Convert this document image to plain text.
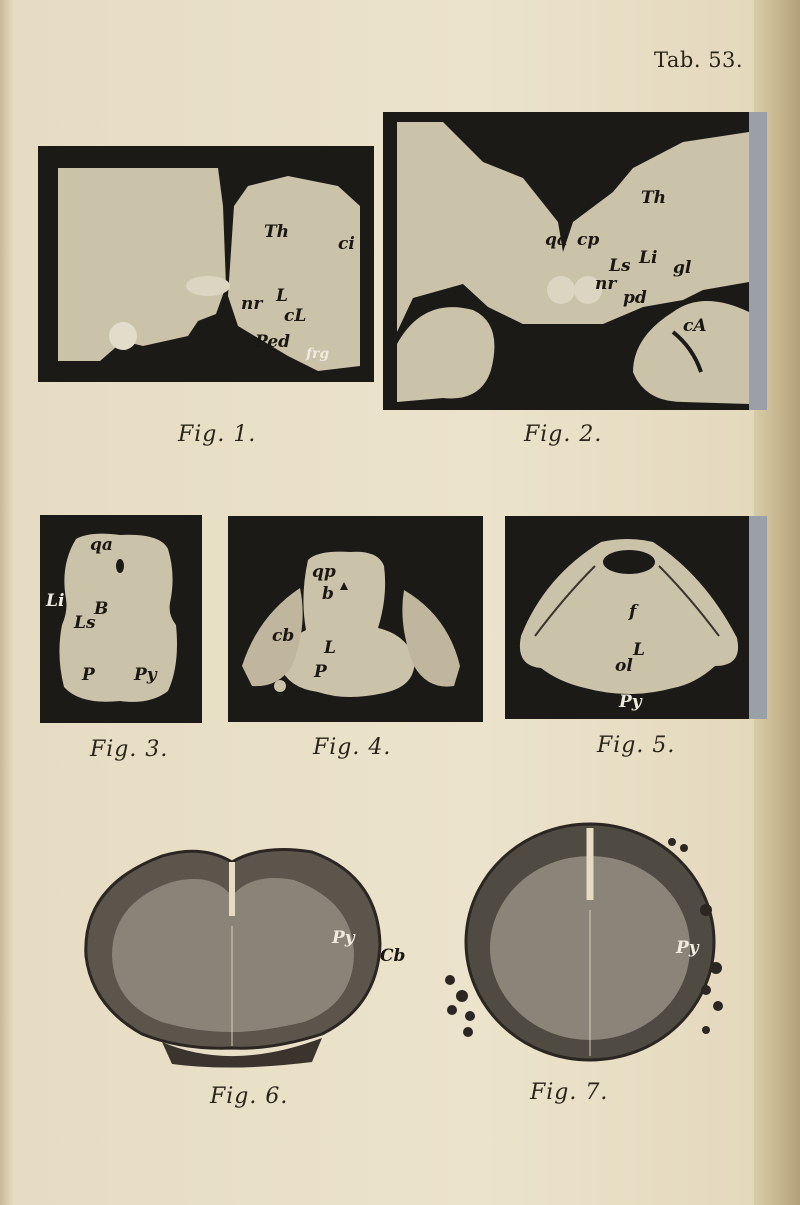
Tab. 53.
Th
ci
nr L
cL
Ped
frg
Fig. 1.
Th
qa cp
Ls Li
nr
gl
pd
cA
Fig. 2.
qa
Li B
Ls
P Py
Fig. 3.
qp
b
cb
L
P
Fig. 4.
f
L
ol
Py
Fig. 5.
Py
Cb
Fig. 6.
Py
Fig. 7.
